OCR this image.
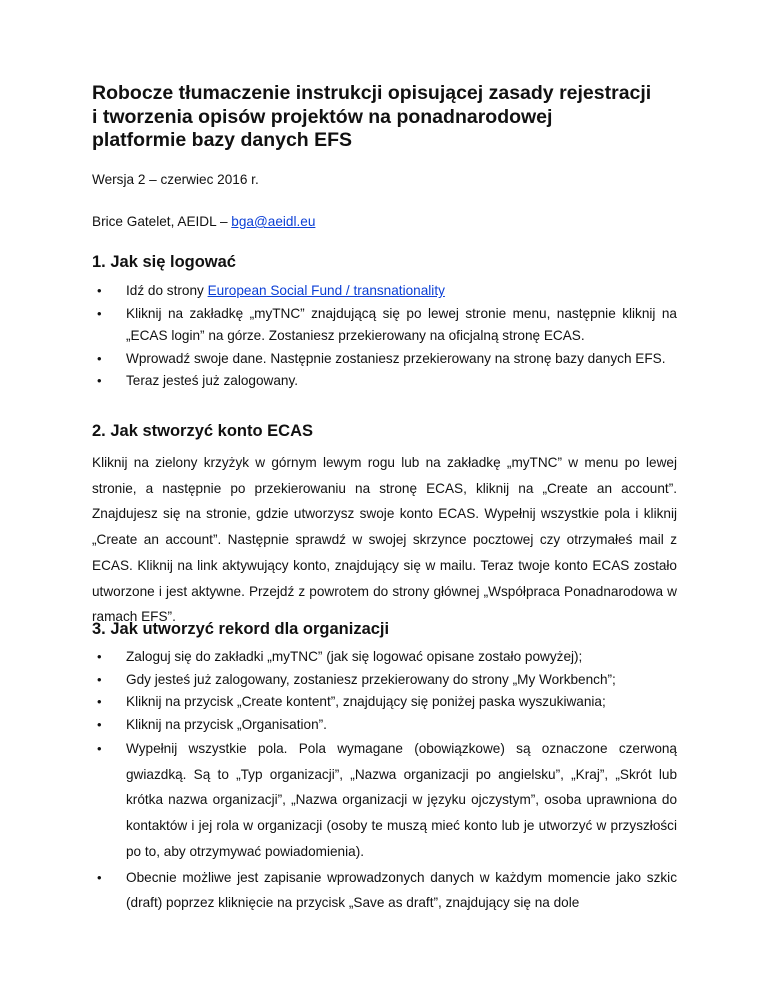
Robocze tłumaczenie instrukcji opisującej zasady rejestracji i tworzenia opisów projektów na ponadnarodowej platformie bazy danych EFS

Wersja 2 – czerwiec 2016 r.

Brice Gatelet, AEIDL – bga@aeidl.eu

1. Jak się logować
• Idź do strony European Social Fund / transnationality
• Kliknij na zakładkę „myTNC” znajdującą się po lewej stronie menu, następnie kliknij na „ECAS login” na górze. Zostaniesz przekierowany na oficjalną stronę ECAS.
• Wprowadź swoje dane. Następnie zostaniesz przekierowany na stronę bazy danych EFS.
• Teraz jesteś już zalogowany.
2. Jak stworzyć konto ECAS

Kliknij na zielony krzyżyk w górnym lewym rogu lub na zakładkę „myTNC” w menu po lewej stronie, a następnie po przekierowaniu na stronę ECAS, kliknij na „Create an account”. Znajdujesz się na stronie, gdzie utworzysz swoje konto ECAS. Wypełnij wszystkie pola i kliknij „Create an account”. Następnie sprawdź w swojej skrzynce pocztowej czy otrzymałeś mail z ECAS. Kliknij na link aktywujący konto, znajdujący się w mailu. Teraz twoje konto ECAS zostało utworzone i jest aktywne. Przejdź z powrotem do strony głównej „Współpraca Ponadnarodowa w ramach EFS”.

3. Jak utworzyć rekord dla organizacji
• Zaloguj się do zakładki „myTNC” (jak się logować opisane zostało powyżej);
• Gdy jesteś już zalogowany, zostaniesz przekierowany do strony „My Workbench”;
• Kliknij na przycisk „Create kontent”, znajdujący się poniżej paska wyszukiwania;
• Kliknij na przycisk „Organisation”.
• Wypełnij wszystkie pola. Pola wymagane (obowiązkowe) są oznaczone czerwoną gwiazdką. Są to „Typ organizacji”, „Nazwa organizacji po angielsku”, „Kraj”, „Skrót lub krótka nazwa organizacji”, „Nazwa organizacji w języku ojczystym”, osoba uprawniona do kontaktów i jej rola w organizacji (osoby te muszą mieć konto lub je utworzyć w przyszłości po to, aby otrzymywać powiadomienia).
• Obecnie możliwe jest zapisanie wprowadzonych danych w każdym momencie jako szkic (draft) poprzez kliknięcie na przycisk „Save as draft”, znajdujący się na dole
